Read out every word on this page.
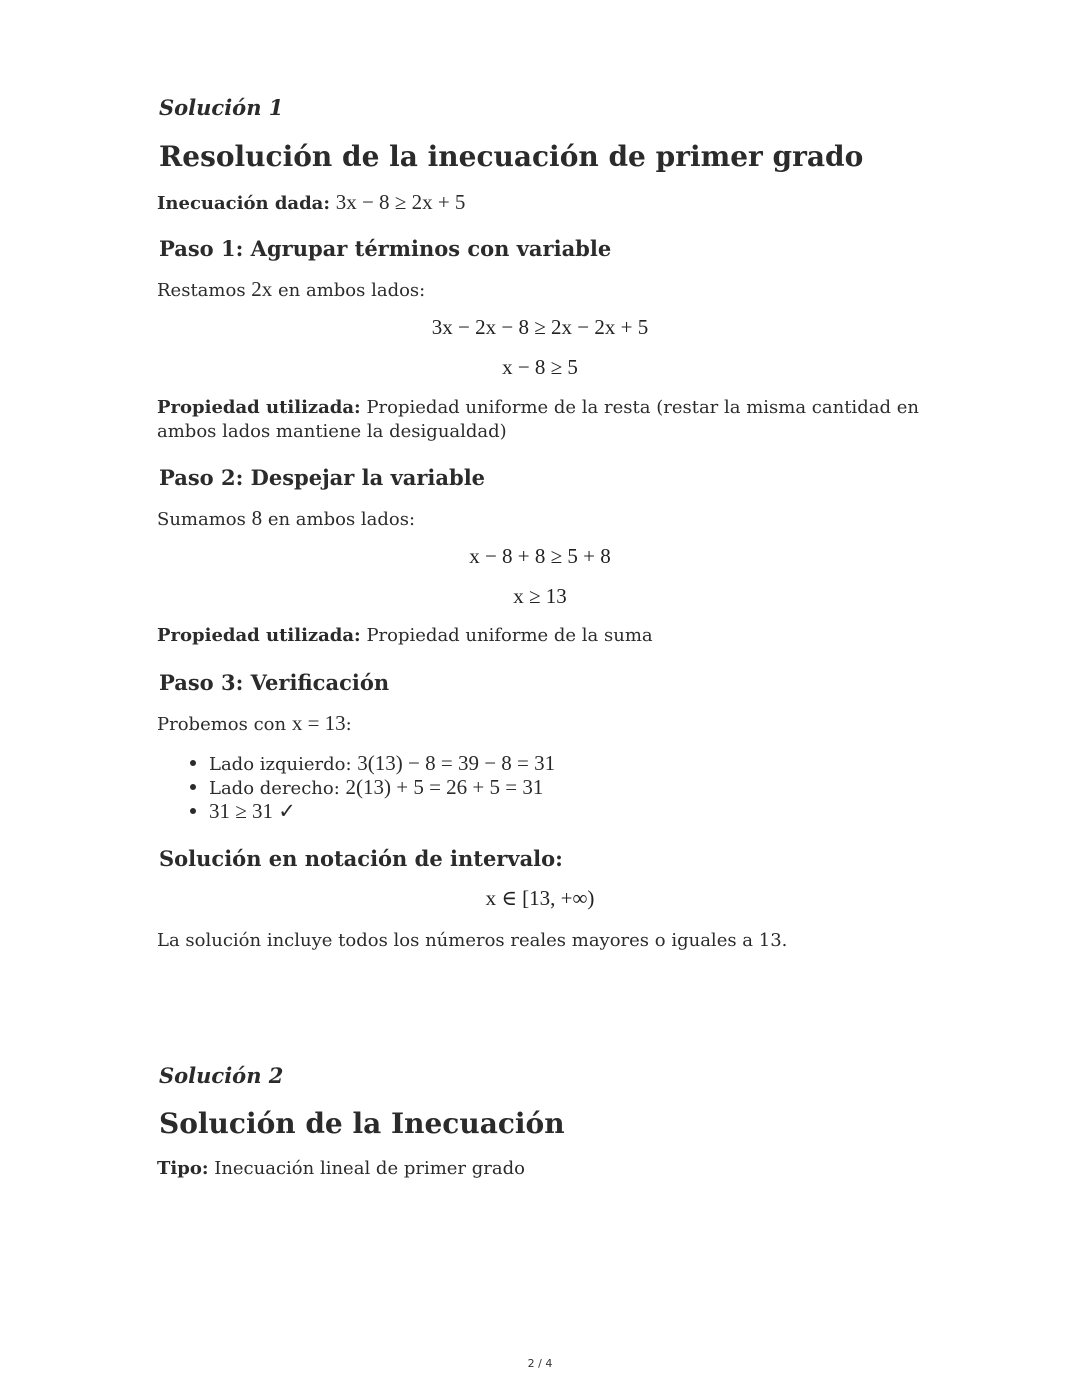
Solución 1
Resolución de la inecuación de primer grado
Inecuación dada: 3x − 8 ≥ 2x + 5
Paso 1: Agrupar términos con variable
Restamos 2x en ambos lados:
3x − 2x − 8 ≥ 2x − 2x + 5
x − 8 ≥ 5
Propiedad utilizada: Propiedad uniforme de la resta (restar la misma cantidad en ambos lados mantiene la desigualdad)
Paso 2: Despejar la variable
Sumamos 8 en ambos lados:
x − 8 + 8 ≥ 5 + 8
x ≥ 13
Propiedad utilizada: Propiedad uniforme de la suma
Paso 3: Verificación
Probemos con x = 13:
Lado izquierdo: 3(13) − 8 = 39 − 8 = 31
Lado derecho: 2(13) + 5 = 26 + 5 = 31
31 ≥ 31 ✓
Solución en notación de intervalo:
x ∈ [13, +∞)
La solución incluye todos los números reales mayores o iguales a 13.
Solución 2
Solución de la Inecuación
Tipo: Inecuación lineal de primer grado
2 / 4
